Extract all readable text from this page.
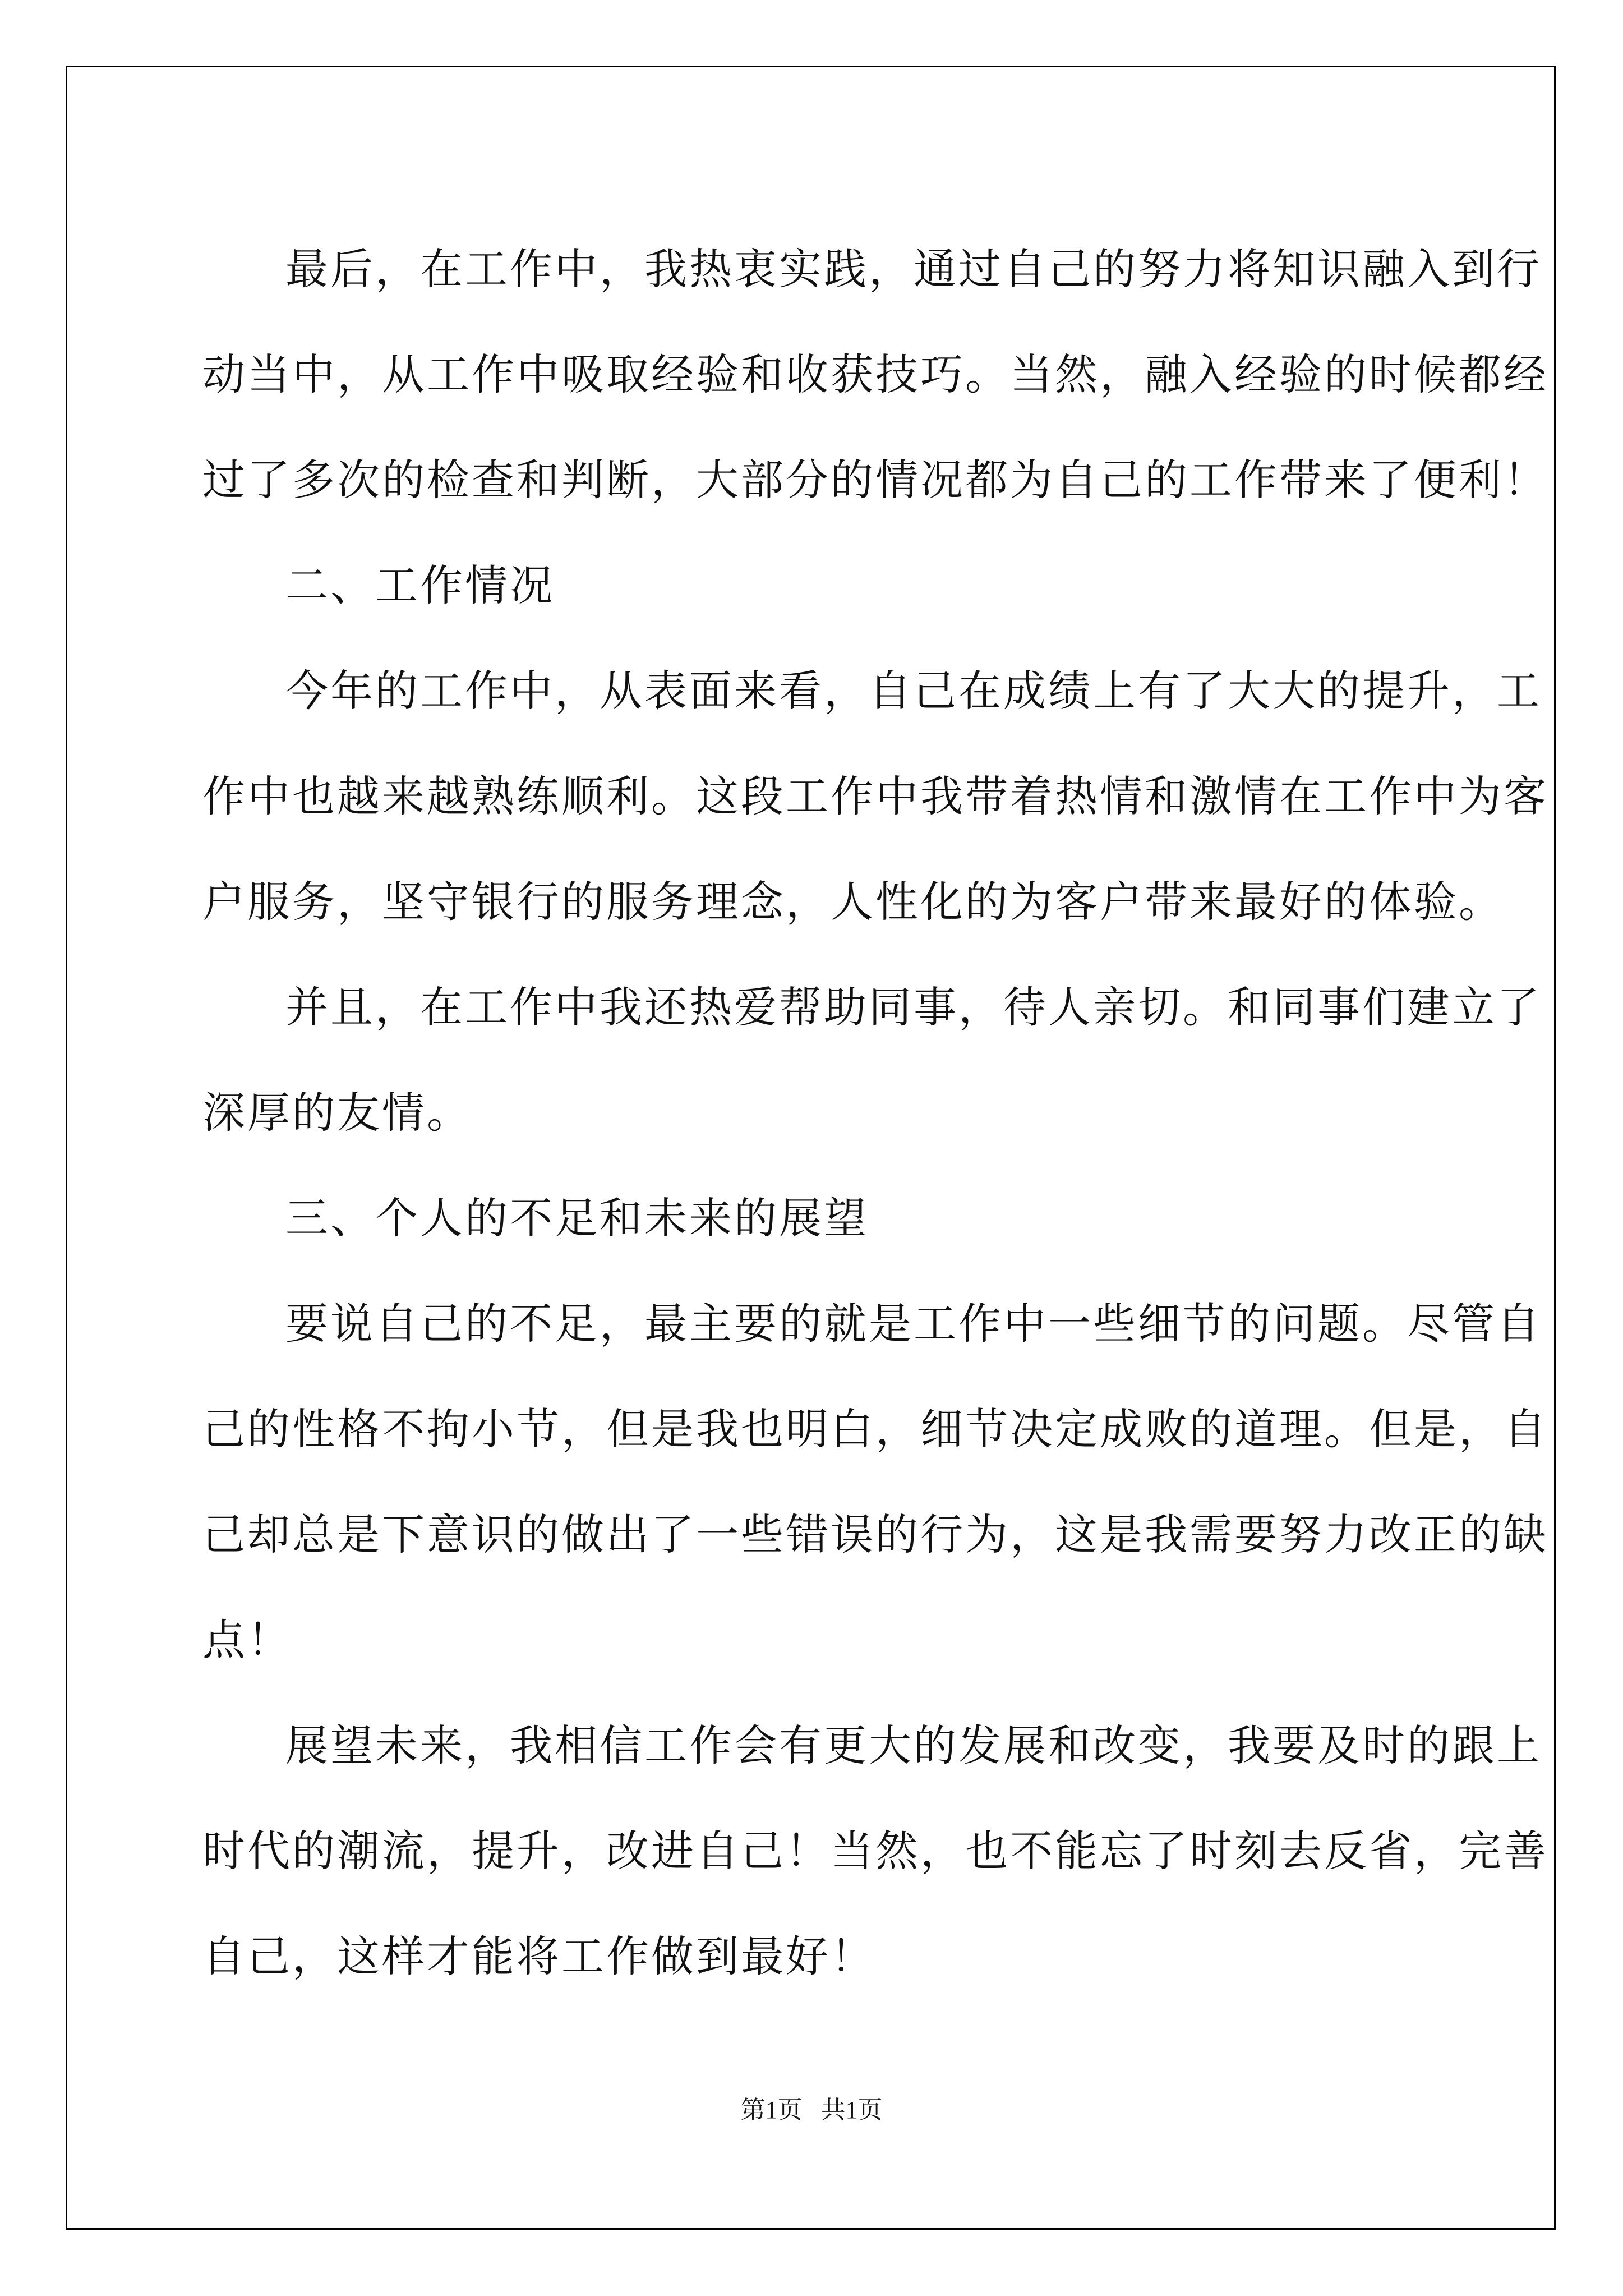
最后，在工作中，我热衷实践，通过自己的努力将知识融入到行
动当中，从工作中吸取经验和收获技巧。当然，融入经验的时候都经
过了多次的检查和判断，大部分的情况都为自己的工作带来了便利！
二、工作情况
今年的工作中，从表面来看，自己在成绩上有了大大的提升，工
作中也越来越熟练顺利。这段工作中我带着热情和激情在工作中为客
户服务，坚守银行的服务理念，人性化的为客户带来最好的体验。
并且，在工作中我还热爱帮助同事，待人亲切。和同事们建立了
深厚的友情。
三、个人的不足和未来的展望
要说自己的不足，最主要的就是工作中一些细节的问题。尽管自
己的性格不拘小节，但是我也明白，细节决定成败的道理。但是，自
己却总是下意识的做出了一些错误的行为，这是我需要努力改正的缺
点！
展望未来，我相信工作会有更大的发展和改变，我要及时的跟上
时代的潮流，提升，改进自己！当然，也不能忘了时刻去反省，完善
自己，这样才能将工作做到最好！
第1页   共1页
